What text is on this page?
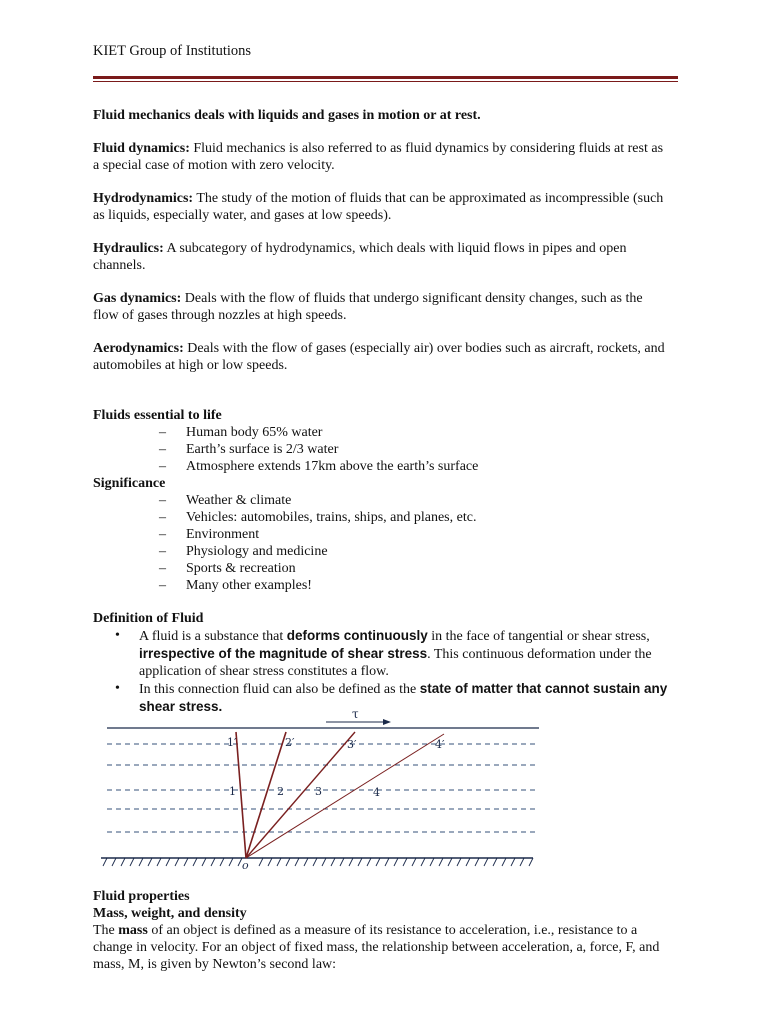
KIET Group of Institutions

Fluid mechanics deals with liquids and gases in motion or at rest.

Fluid dynamics: Fluid mechanics is also referred to as fluid dynamics by considering fluids at rest as a special case of motion with zero velocity.

Hydrodynamics: The study of the motion of fluids that can be approximated as incompressible (such as liquids, especially water, and gases at low speeds).

Hydraulics: A subcategory of hydrodynamics, which deals with liquid flows in pipes and open channels.

Gas dynamics: Deals with the flow of fluids that undergo significant density changes, such as the flow of gases through nozzles at high speeds.

Aerodynamics: Deals with the flow of gases (especially air) over bodies such as aircraft, rockets, and automobiles at high or low speeds.

Fluids essential to life

– Human body 65% water
– Earth’s surface is 2/3 water
– Atmosphere extends 17km above the earth’s surface

Significance

– Weather & climate
– Vehicles: automobiles, trains, ships, and planes, etc.
– Environment
– Physiology and medicine
– Sports & recreation
– Many other examples!

Definition of Fluid

• A fluid is a substance that deforms continuously in the face of tangential or shear stress, irrespective of the magnitude of shear stress. This continuous deformation under the application of shear stress constitutes a flow.
• In this connection fluid can also be defined as the state of matter that cannot sustain any shear stress.	τ
o
1′	2′	3′	4′
1	2	3	4

Fluid properties

Mass, weight, and density

The mass of an object is defined as a measure of its resistance to acceleration, i.e., resistance to a change in velocity. For an object of fixed mass, the relationship between acceleration, a, force, F, and mass, M, is given by Newton’s second law:
